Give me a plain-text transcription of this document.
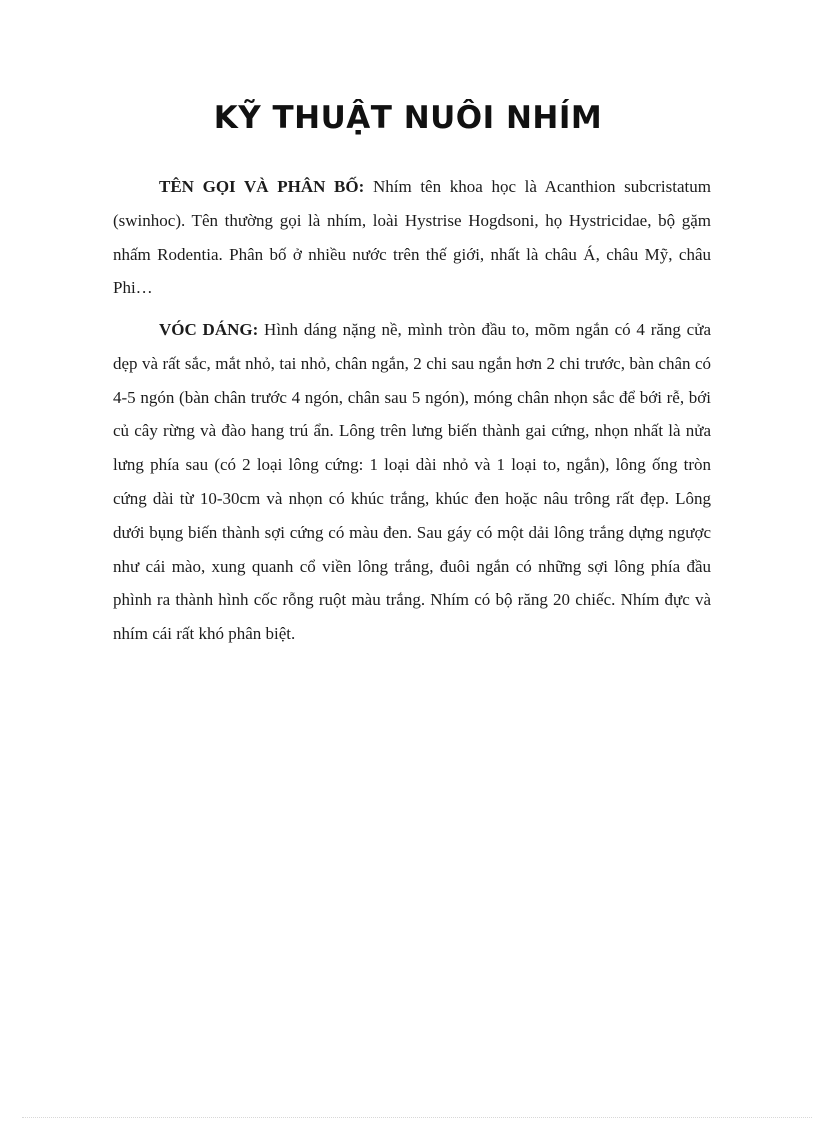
KỸ THUẬT NUÔI NHÍM

TÊN GỌI VÀ PHÂN BỐ: Nhím tên khoa học là Acanthion subcristatum (swinhoc). Tên thường gọi là nhím, loài Hystrise Hogdsoni, họ Hystricidae, bộ gặm nhấm Rodentia. Phân bố ở nhiều nước trên thế giới, nhất là châu Á, châu Mỹ, châu Phi…

VÓC DÁNG: Hình dáng nặng nề, mình tròn đầu to, mõm ngắn có 4 răng cửa dẹp và rất sắc, mắt nhỏ, tai nhỏ, chân ngắn, 2 chi sau ngắn hơn 2 chi trước, bàn chân có 4-5 ngón (bàn chân trước 4 ngón, chân sau 5 ngón), móng chân nhọn sắc để bới rễ, bới củ cây rừng và đào hang trú ẩn. Lông trên lưng biến thành gai cứng, nhọn nhất là nửa lưng phía sau (có 2 loại lông cứng: 1 loại dài nhỏ và 1 loại to, ngắn), lông ống tròn cứng dài từ 10-30cm và nhọn có khúc trắng, khúc đen hoặc nâu trông rất đẹp. Lông dưới bụng biến thành sợi cứng có màu đen. Sau gáy có một dải lông trắng dựng ngược như cái mào, xung quanh cổ viền lông trắng, đuôi ngắn có những sợi lông phía đầu phình ra thành hình cốc rỗng ruột màu trắng. Nhím có bộ răng 20 chiếc. Nhím đực và nhím cái rất khó phân biệt.
